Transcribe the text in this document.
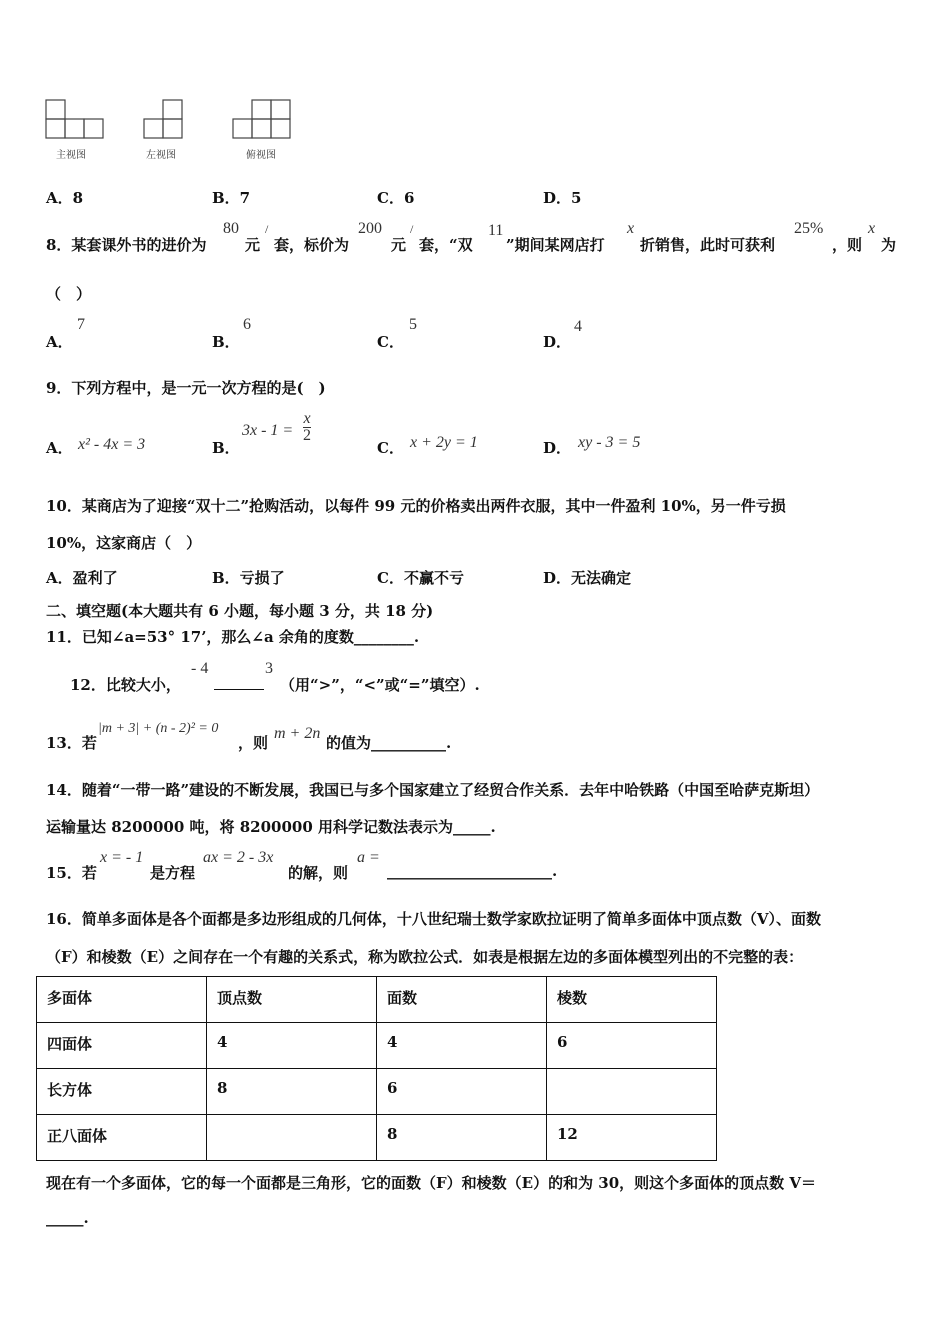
主视图	左视图	俯视图
A．8	B．7	C．6	D．5
8．某套课外书的进价为
80
元
/
套，标价为
200
元
/
套，“双
11
”期间某网店打
x
折销售，此时可获利
25%
，则
x
为
（　）
A．
7
B．
6
C．
5
D．
4
9．下列方程中，是一元一次方程的是(　)
A． x² - 4x = 3	B．
$3x - 1 = \frac{x}{2}$
C． x + 2y = 1	D． xy - 3 = 5
10．某商店为了迎接“双十二”抢购活动，以每件 99 元的价格卖出两件衣服，其中一件盈利 10%，另一件亏损
10%，这家商店（　）
A．盈利了	B．亏损了	C．不赢不亏	D．无法确定
二、填空题(本大题共有 6 小题，每小题 3 分，共 18 分)
11．已知∠a=53° 17’，那么∠a 余角的度数________.
12．比较大小，
- 4	3
（用“>”，“<”或“=”填空）.
13．若
|m + 3| + (n - 2)² = 0
，则
m + 2n
的值为__________.
14．随着“一带一路”建设的不断发展，我国已与多个国家建立了经贸合作关系．去年中哈铁路（中国至哈萨克斯坦）
运输量达 8200000 吨，将 8200000 用科学记数法表示为_____.
15．若
x = - 1
是方程
ax = 2 - 3x
的解，则
a =
______________________.
16．简单多面体是各个面都是多边形组成的几何体，十八世纪瑞士数学家欧拉证明了简单多面体中顶点数（V）、面数
（F）和棱数（E）之间存在一个有趣的关系式，称为欧拉公式．如表是根据左边的多面体模型列出的不完整的表：
多面体	顶点数	面数	棱数
四面体	4	4	6
长方体	8	6	
正八面体		8	12
现在有一个多面体，它的每一个面都是三角形，它的面数（F）和棱数（E）的和为 30，则这个多面体的顶点数 V＝
_____.
